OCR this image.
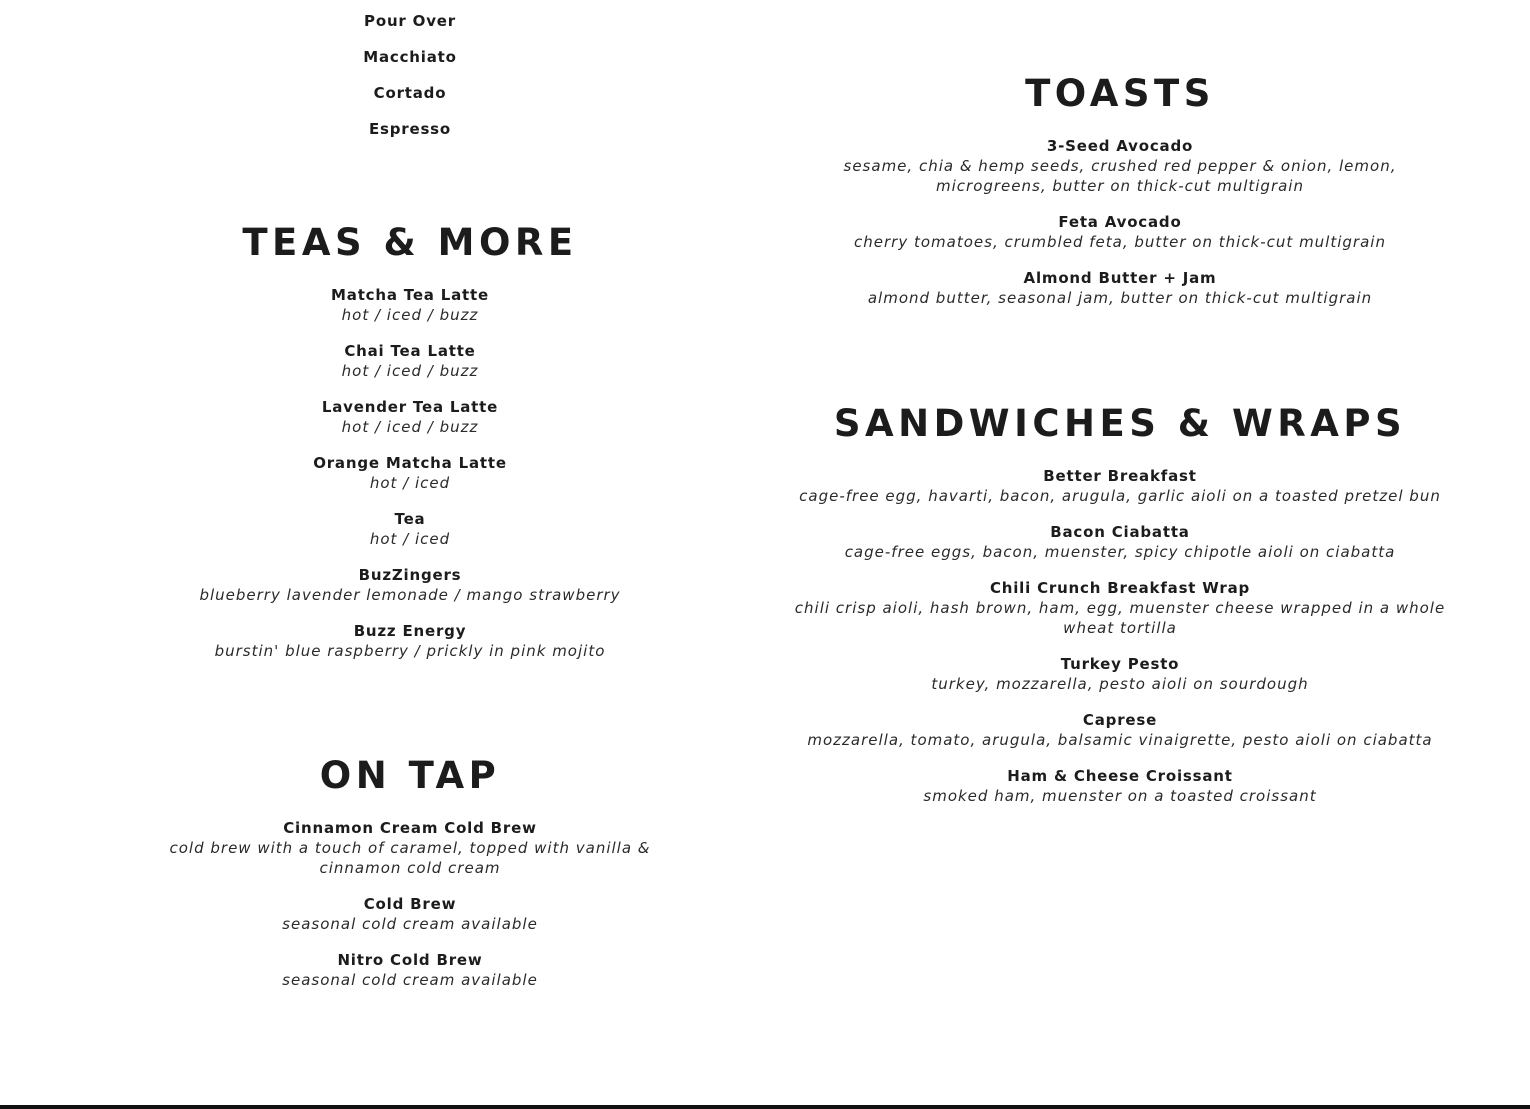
Pour Over
Macchiato
Cortado
Espresso
TEAS & MORE
Matcha Tea Latte
hot / iced / buzz
Chai Tea Latte
hot / iced / buzz
Lavender Tea Latte
hot / iced / buzz
Orange Matcha Latte
hot / iced
Tea
hot / iced
BuzZingers
blueberry lavender lemonade / mango strawberry
Buzz Energy
burstin' blue raspberry / prickly in pink mojito
ON TAP
Cinnamon Cream Cold Brew
cold brew with a touch of caramel, topped with vanilla & cinnamon cold cream
Cold Brew
seasonal cold cream available
Nitro Cold Brew
seasonal cold cream available
TOASTS
3-Seed Avocado
sesame, chia & hemp seeds, crushed red pepper & onion, lemon, microgreens, butter on thick-cut multigrain
Feta Avocado
cherry tomatoes, crumbled feta, butter on thick-cut multigrain
Almond Butter + Jam
almond butter, seasonal jam, butter on thick-cut multigrain
SANDWICHES & WRAPS
Better Breakfast
cage-free egg, havarti, bacon, arugula, garlic aioli on a toasted pretzel bun
Bacon Ciabatta
cage-free eggs, bacon, muenster, spicy chipotle aioli on ciabatta
Chili Crunch Breakfast Wrap
chili crisp aioli, hash brown, ham, egg, muenster cheese wrapped in a whole wheat tortilla
Turkey Pesto
turkey, mozzarella, pesto aioli on sourdough
Caprese
mozzarella, tomato, arugula, balsamic vinaigrette, pesto aioli on ciabatta
Ham & Cheese Croissant
smoked ham, muenster on a toasted croissant
